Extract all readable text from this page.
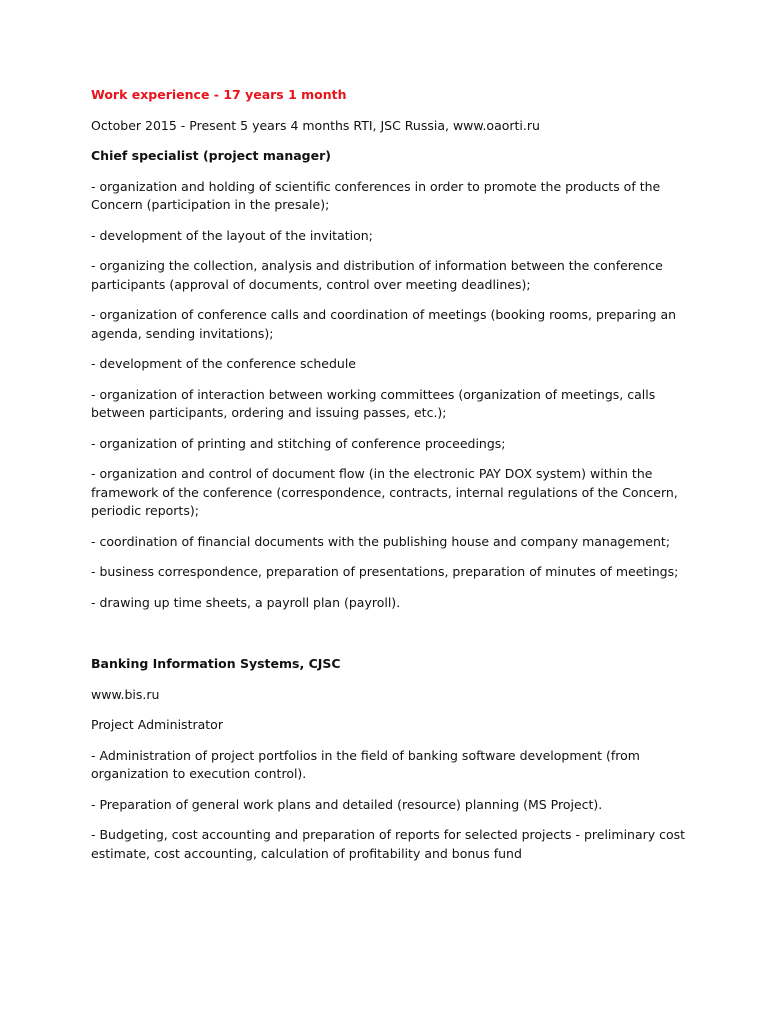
Work experience - 17 years 1 month
October 2015 - Present 5 years 4 months RTI, JSC Russia, www.oaorti.ru
Chief specialist (project manager)
- organization and holding of scientific conferences in order to promote the products of the Concern (participation in the presale);
- development of the layout of the invitation;
- organizing the collection, analysis and distribution of information between the conference participants (approval of documents, control over meeting deadlines);
- organization of conference calls and coordination of meetings (booking rooms, preparing an agenda, sending invitations);
- development of the conference schedule
- organization of interaction between working committees (organization of meetings, calls between participants, ordering and issuing passes, etc.);
- organization of printing and stitching of conference proceedings;
- organization and control of document flow (in the electronic PAY DOX system) within the framework of the conference (correspondence, contracts, internal regulations of the Concern, periodic reports);
- coordination of financial documents with the publishing house and company management;
- business correspondence, preparation of presentations, preparation of minutes of meetings;
- drawing up time sheets, a payroll plan (payroll).
Banking Information Systems, CJSC
www.bis.ru
Project Administrator
- Administration of project portfolios in the field of banking software development (from organization to execution control).
- Preparation of general work plans and detailed (resource) planning (MS Project).
- Budgeting, cost accounting and preparation of reports for selected projects - preliminary cost estimate, cost accounting, calculation of profitability and bonus fund
